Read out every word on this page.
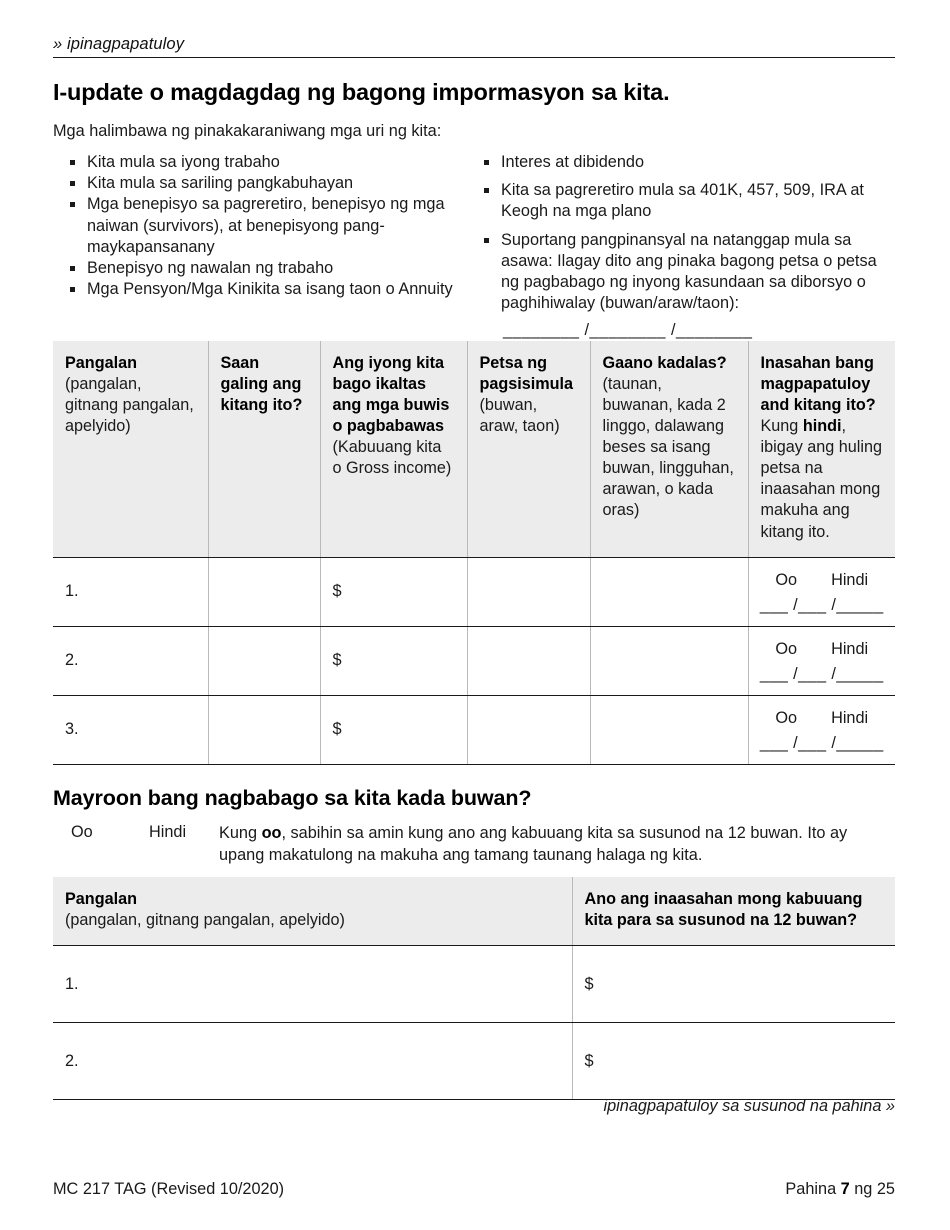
» ipinagpapatuloy
I-update o magdagdag ng bagong impormasyon sa kita.
Mga halimbawa ng pinakakaraniwang mga uri ng kita:
Kita mula sa iyong trabaho
Kita mula sa sariling pangkabuhayan
Mga benepisyo sa pagreretiro, benepisyo ng mga naiwan (survivors), at benepisyong pang-maykapansanany
Benepisyo ng nawalan ng trabaho
Mga Pensyon/Mga Kinikita sa isang taon o Annuity
Interes at dibidendo
Kita sa pagreretiro mula sa 401K, 457, 509, IRA at Keogh na mga plano
Suportang pangpinansyal na natanggap mula sa asawa: Ilagay dito ang pinaka bagong petsa o petsa ng pagbabago ng inyong kasundaan sa diborsyo o paghihiwalay (buwan/araw/taon):
________ /________ /________
Pangalan
(pangalan, gitnang pangalan, apelyido)	Saan galing ang kitang ito?	Ang iyong kita bago ikaltas ang mga buwis o pagbabawas (Kabuuang kita o Gross income)	Petsa ng pagsisimula (buwan, araw, taon)	Gaano kadalas? (taunan, buwanan, kada 2 linggo, dalawang beses sa isang buwan, lingguhan, arawan, o kada oras)	Inasahan bang magpapatuloy and kitang ito? Kung hindi, ibigay ang huling petsa na inaasahan mong makuha ang kitang ito.
1.		$			Oo Hindi
___ /___ /_____

2.		$			Oo Hindi
___ /___ /_____

3.		$			Oo Hindi
___ /___ /_____
Mayroon bang nagbabago sa kita kada buwan?
Oo	Hindi Kung oo, sabihin sa amin kung ano ang kabuuang kita sa susunod na 12 buwan. Ito ay upang makatulong na makuha ang tamang taunang halaga ng kita.
Pangalan
(pangalan, gitnang pangalan, apelyido)	Ano ang inaasahan mong kabuuang kita para sa susunod na 12 buwan?
1.	$
2.	$
ipinagpapatuloy sa susunod na pahina »
MC 217 TAG (Revised 10/2020)	Pahina 7 ng 25
